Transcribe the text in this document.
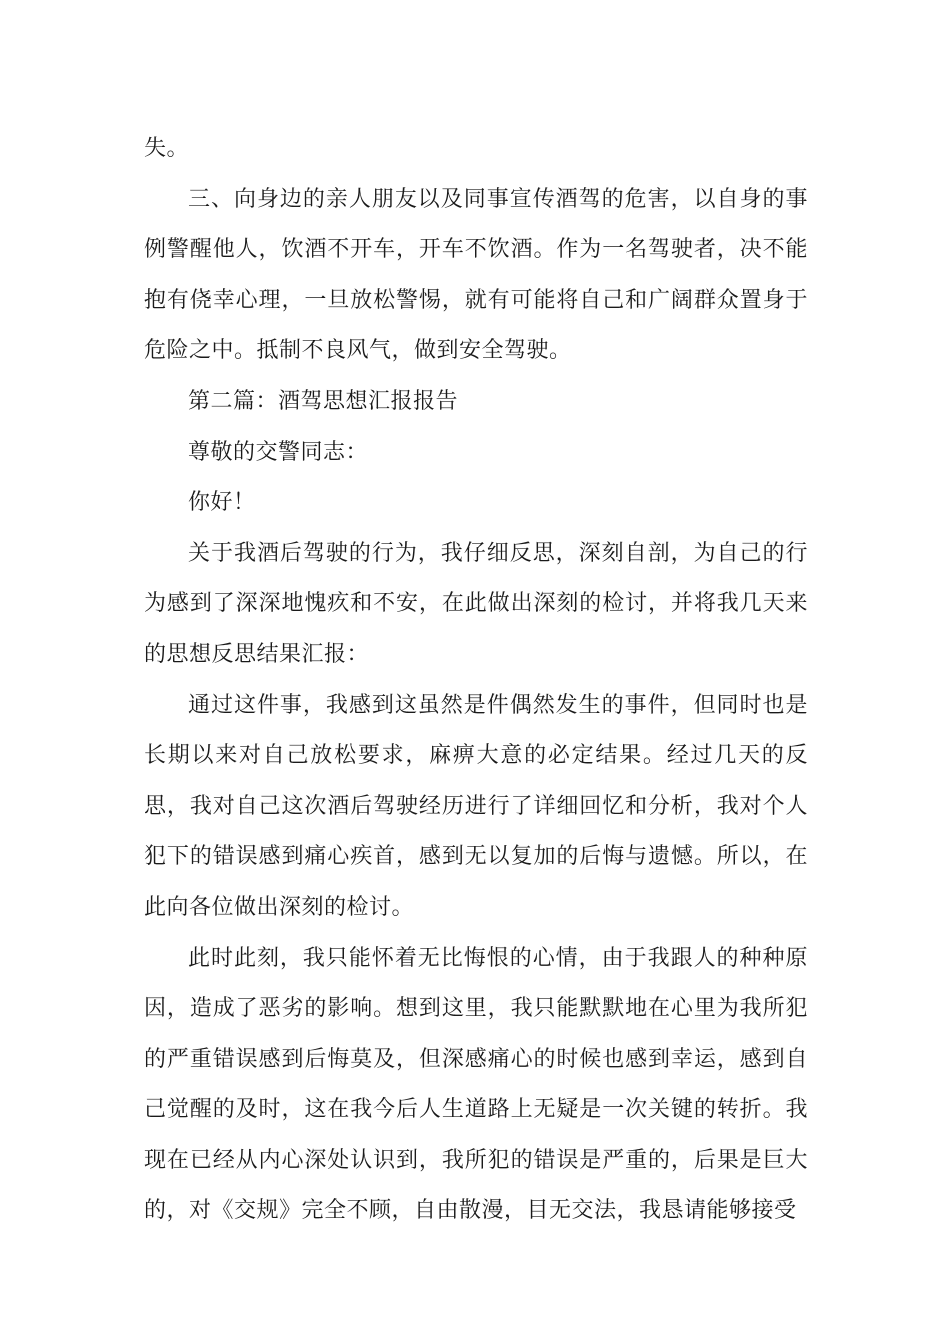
失。

三、向身边的亲人朋友以及同事宣传酒驾的危害，以自身的事例警醒他人，饮酒不开车，开车不饮酒。作为一名驾驶者，决不能抱有侥幸心理，一旦放松警惕，就有可能将自己和广阔群众置身于危险之中。抵制不良风气，做到安全驾驶。

第二篇：酒驾思想汇报报告

尊敬的交警同志：

你好！

关于我酒后驾驶的行为，我仔细反思，深刻自剖，为自己的行为感到了深深地愧疚和不安，在此做出深刻的检讨，并将我几天来的思想反思结果汇报：

通过这件事，我感到这虽然是件偶然发生的事件，但同时也是长期以来对自己放松要求，麻痹大意的必定结果。经过几天的反思，我对自己这次酒后驾驶经历进行了详细回忆和分析，我对个人犯下的错误感到痛心疾首，感到无以复加的后悔与遗憾。所以，在此向各位做出深刻的检讨。

此时此刻，我只能怀着无比悔恨的心情，由于我跟人的种种原因，造成了恶劣的影响。想到这里，我只能默默地在心里为我所犯的严重错误感到后悔莫及，但深感痛心的时候也感到幸运，感到自己觉醒的及时，这在我今后人生道路上无疑是一次关键的转折。我现在已经从内心深处认识到，我所犯的错误是严重的，后果是巨大的，对《交规》完全不顾，自由散漫，目无交法，我恳请能够接受
